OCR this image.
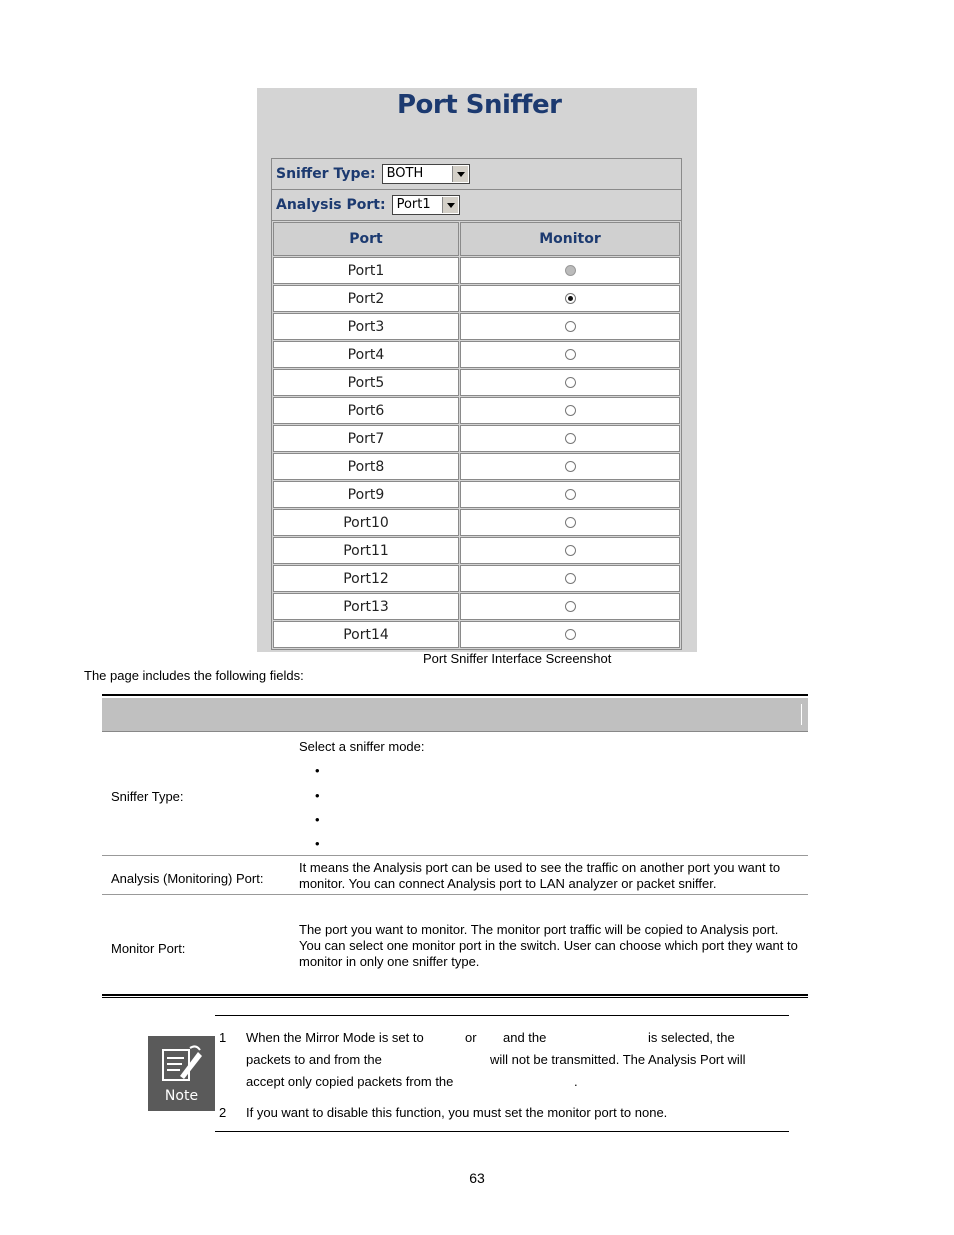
Port Sniffer
Sniffer Type: BOTH
Analysis Port: Port1
Port	Monitor
Port1	
Port2	
Port3	
Port4	
Port5	
Port6	
Port7	
Port8	
Port9	
Port10	
Port11	
Port12	
Port13	
Port14	
Port Sniffer Interface Screenshot
The page includes the following fields:
Sniffer Type:
Select a sniffer mode:
•
•
•
•
Analysis (Monitoring) Port:
It means the Analysis port can be used to see the traffic on another port you want to monitor. You can connect Analysis port to LAN analyzer or packet sniffer.
Monitor Port:
The port you want to monitor. The monitor port traffic will be copied to Analysis port. You can select one monitor port in the switch. User can choose which port they want to monitor in only one sniffer type.
Note
1 When the Mirror Mode is set to	or and the	is selected, the
packets to and from the	will not be transmitted. The Analysis Port will
accept only copied packets from the	.
2 If you want to disable this function, you must set the monitor port to none.
63
